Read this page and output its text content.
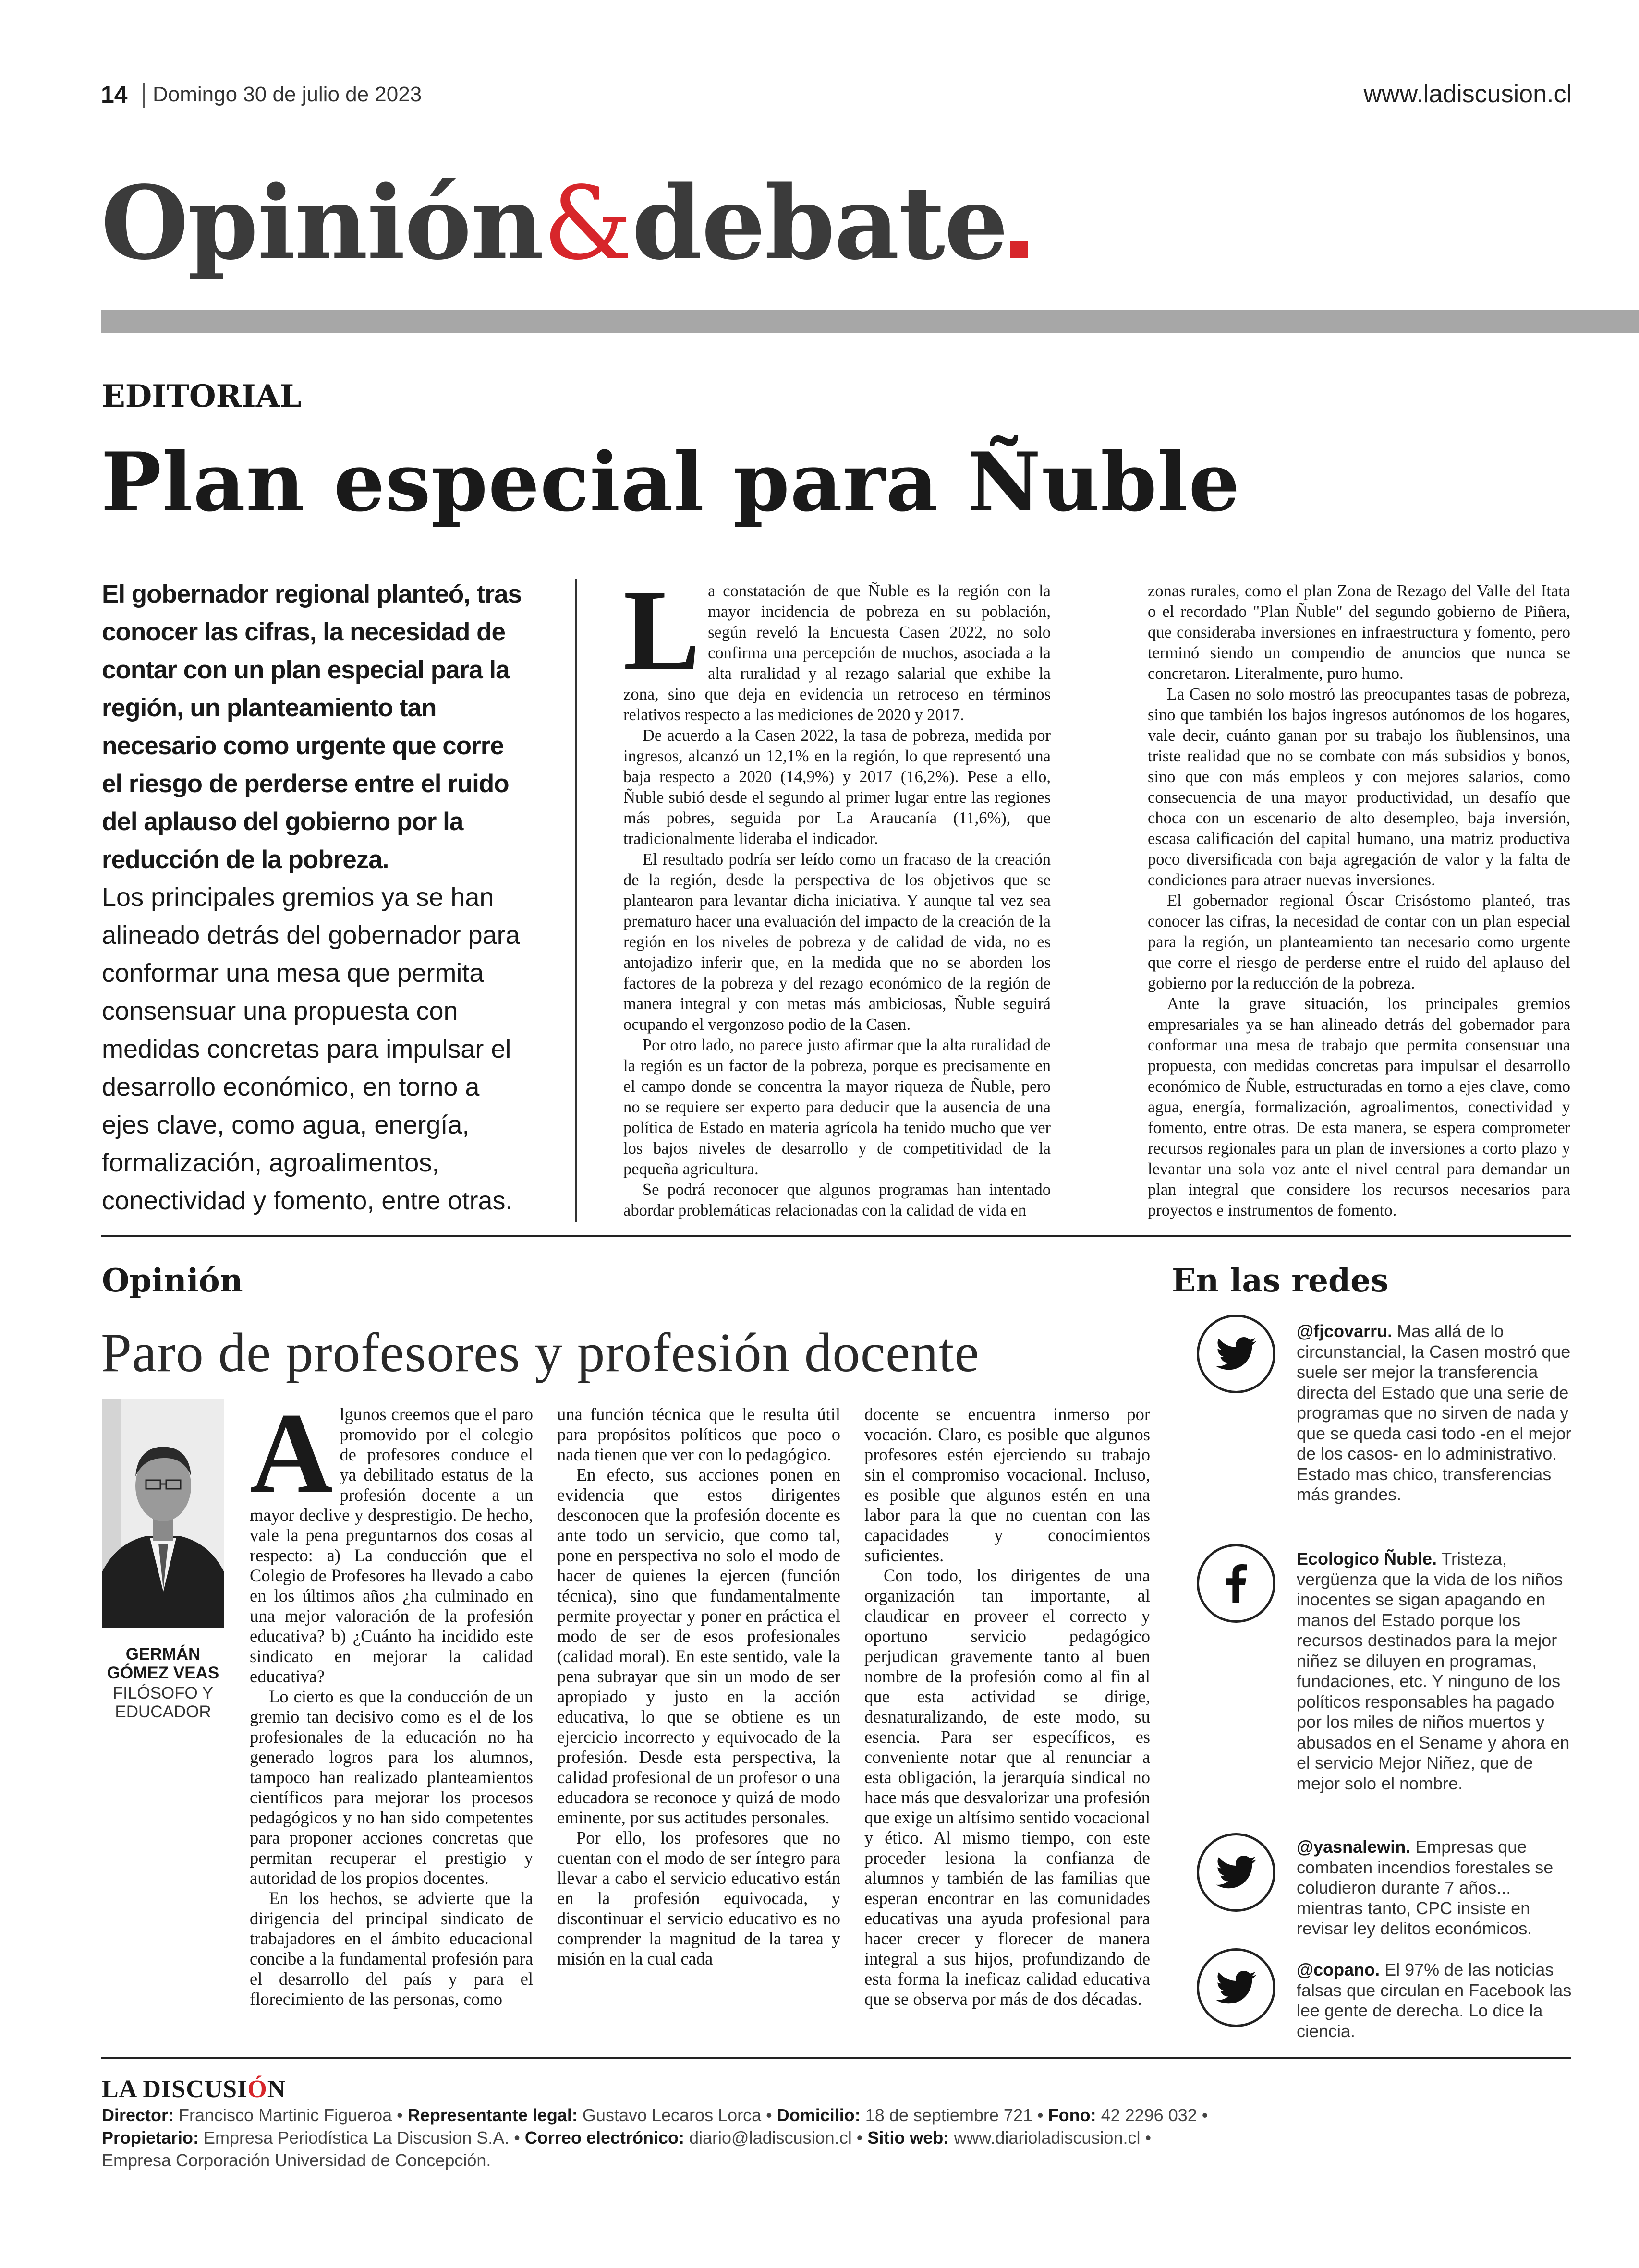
14 Domingo 30 de julio de 2023	www.ladiscusion.cl
Opinión&debate
EDITORIAL
Plan especial para Ñuble

El gobernador regional planteó, tras conocer las cifras, la necesidad de contar con un plan especial para la región, un planteamiento tan necesario como urgente que corre el riesgo de perderse entre el ruido del aplauso del gobierno por la reducción de la pobreza.

Los principales gremios ya se han alineado detrás del gobernador para conformar una mesa que permita consensuar una propuesta con medidas concretas para impulsar el desarrollo económico, en torno a ejes clave, como agua, energía, formalización, agroalimentos, conectividad y fomento, entre otras.

La constatación de que Ñuble es la región con la mayor incidencia de pobreza en su población, según reveló la Encuesta Casen 2022, no solo confirma una percepción de muchos, asociada a la alta ruralidad y al rezago salarial que exhibe la zona, sino que deja en evidencia un retroceso en términos relativos respecto a las mediciones de 2020 y 2017.

De acuerdo a la Casen 2022, la tasa de pobreza, medida por ingresos, alcanzó un 12,1% en la región, lo que representó una baja respecto a 2020 (14,9%) y 2017 (16,2%). Pese a ello, Ñuble subió desde el segundo al primer lugar entre las regiones más pobres, seguida por La Araucanía (11,6%), que tradicionalmente lideraba el indicador.

El resultado podría ser leído como un fracaso de la creación de la región, desde la perspectiva de los objetivos que se plantearon para levantar dicha iniciativa. Y aunque tal vez sea prematuro hacer una evaluación del impacto de la creación de la región en los niveles de pobreza y de calidad de vida, no es antojadizo inferir que, en la medida que no se aborden los factores de la pobreza y del rezago económico de la región de manera integral y con metas más ambiciosas, Ñuble seguirá ocupando el vergonzoso podio de la Casen.

Por otro lado, no parece justo afirmar que la alta ruralidad de la región es un factor de la pobreza, porque es precisamente en el campo donde se concentra la mayor riqueza de Ñuble, pero no se requiere ser experto para deducir que la ausencia de una política de Estado en materia agrícola ha tenido mucho que ver los bajos niveles de desarrollo y de competitividad de la pequeña agricultura.

Se podrá reconocer que algunos programas han intentado abordar problemáticas relacionadas con la calidad de vida en

zonas rurales, como el plan Zona de Rezago del Valle del Itata o el recordado "Plan Ñuble" del segundo gobierno de Piñera, que consideraba inversiones en infraestructura y fomento, pero terminó siendo un compendio de anuncios que nunca se concretaron. Literalmente, puro humo.

La Casen no solo mostró las preocupantes tasas de pobreza, sino que también los bajos ingresos autónomos de los hogares, vale decir, cuánto ganan por su trabajo los ñublensinos, una triste realidad que no se combate con más subsidios y bonos, sino que con más empleos y con mejores salarios, como consecuencia de una mayor productividad, un desafío que choca con un escenario de alto desempleo, baja inversión, escasa calificación del capital humano, una matriz productiva poco diversificada con baja agregación de valor y la falta de condiciones para atraer nuevas inversiones.

El gobernador regional Óscar Crisóstomo planteó, tras conocer las cifras, la necesidad de contar con un plan especial para la región, un planteamiento tan necesario como urgente que corre el riesgo de perderse entre el ruido del aplauso del gobierno por la reducción de la pobreza.

Ante la grave situación, los principales gremios empresariales ya se han alineado detrás del gobernador para conformar una mesa de trabajo que permita consensuar una propuesta, con medidas concretas para impulsar el desarrollo económico de Ñuble, estructuradas en torno a ejes clave, como agua, energía, formalización, agroalimentos, conectividad y fomento, entre otras. De esta manera, se espera comprometer recursos regionales para un plan de inversiones a corto plazo y levantar una sola voz ante el nivel central para demandar un plan integral que considere los recursos necesarios para proyectos e instrumentos de fomento.

Opinión
Paro de profesores y profesión docente
GERMÁN GÓMEZ VEAS
FILÓSOFO Y EDUCADOR

Algunos creemos que el paro promovido por el colegio de profesores conduce el ya debilitado estatus de la profesión docente a un mayor declive y desprestigio. De hecho, vale la pena preguntarnos dos cosas al respecto: a) La conducción que el Colegio de Profesores ha llevado a cabo en los últimos años ¿ha culminado en una mejor valoración de la profesión educativa? b) ¿Cuánto ha incidido este sindicato en mejorar la calidad educativa?

Lo cierto es que la conducción de un gremio tan decisivo como es el de los profesionales de la educación no ha generado logros para los alumnos, tampoco han realizado planteamientos científicos para mejorar los procesos pedagógicos y no han sido competentes para proponer acciones concretas que permitan recuperar el prestigio y autoridad de los propios docentes.

En los hechos, se advierte que la dirigencia del principal sindicato de trabajadores en el ámbito educacional concibe a la fundamental profesión para el desarrollo del país y para el florecimiento de las personas, como

una función técnica que le resulta útil para propósitos políticos que poco o nada tienen que ver con lo pedagógico.

En efecto, sus acciones ponen en evidencia que estos dirigentes desconocen que la profesión docente es ante todo un servicio, que como tal, pone en perspectiva no solo el modo de hacer de quienes la ejercen (función técnica), sino que fundamentalmente permite proyectar y poner en práctica el modo de ser de esos profesionales (calidad moral). En este sentido, vale la pena subrayar que sin un modo de ser apropiado y justo en la acción educativa, lo que se obtiene es un ejercicio incorrecto y equivocado de la profesión. Desde esta perspectiva, la calidad profesional de un profesor o una educadora se reconoce y quizá de modo eminente, por sus actitudes personales.

Por ello, los profesores que no cuentan con el modo de ser íntegro para llevar a cabo el servicio educativo están en la profesión equivocada, y discontinuar el servicio educativo es no comprender la magnitud de la tarea y misión en la cual cada

docente se encuentra inmerso por vocación. Claro, es posible que algunos profesores estén ejerciendo su trabajo sin el compromiso vocacional. Incluso, es posible que algunos estén en una labor para la que no cuentan con las capacidades y conocimientos suficientes.

Con todo, los dirigentes de una organización tan importante, al claudicar en proveer el correcto y oportuno servicio pedagógico perjudican gravemente tanto al buen nombre de la profesión como al fin al que esta actividad se dirige, desnaturalizando, de este modo, su esencia. Para ser específicos, es conveniente notar que al renunciar a esta obligación, la jerarquía sindical no hace más que desvalorizar una profesión que exige un altísimo sentido vocacional y ético. Al mismo tiempo, con este proceder lesiona la confianza de alumnos y también de las familias que esperan encontrar en las comunidades educativas una ayuda profesional para hacer crecer y florecer de manera integral a sus hijos, profundizando de esta forma la ineficaz calidad educativa que se observa por más de dos décadas.

En las redes
@fjcovarru. Mas allá de lo circunstancial, la Casen mostró que suele ser mejor la transferencia directa del Estado que una serie de programas que no sirven de nada y que se queda casi todo -en el mejor de los casos- en lo administrativo. Estado mas chico, transferencias más grandes.
Ecologico Ñuble. Tristeza, vergüenza que la vida de los niños inocentes se sigan apagando en manos del Estado porque los recursos destinados para la mejor niñez se diluyen en programas, fundaciones, etc. Y ninguno de los políticos responsables ha pagado por los miles de niños muertos y abusados en el Sename y ahora en el servicio Mejor Niñez, que de mejor solo el nombre.
@yasnalewin. Empresas que combaten incendios forestales se coludieron durante 7 años... mientras tanto, CPC insiste en revisar ley delitos económicos.
@copano. El 97% de las noticias falsas que circulan en Facebook las lee gente de derecha. Lo dice la ciencia.
LA DISCUSIÓN
Director: Francisco Martinic Figueroa • Representante legal: Gustavo Lecaros Lorca • Domicilio: 18 de septiembre 721 • Fono: 42 2296 032 •
Propietario: Empresa Periodística La Discusion S.A. • Correo electrónico: diario@ladiscusion.cl • Sitio web: www.diarioladiscusion.cl •
Empresa Corporación Universidad de Concepción.
